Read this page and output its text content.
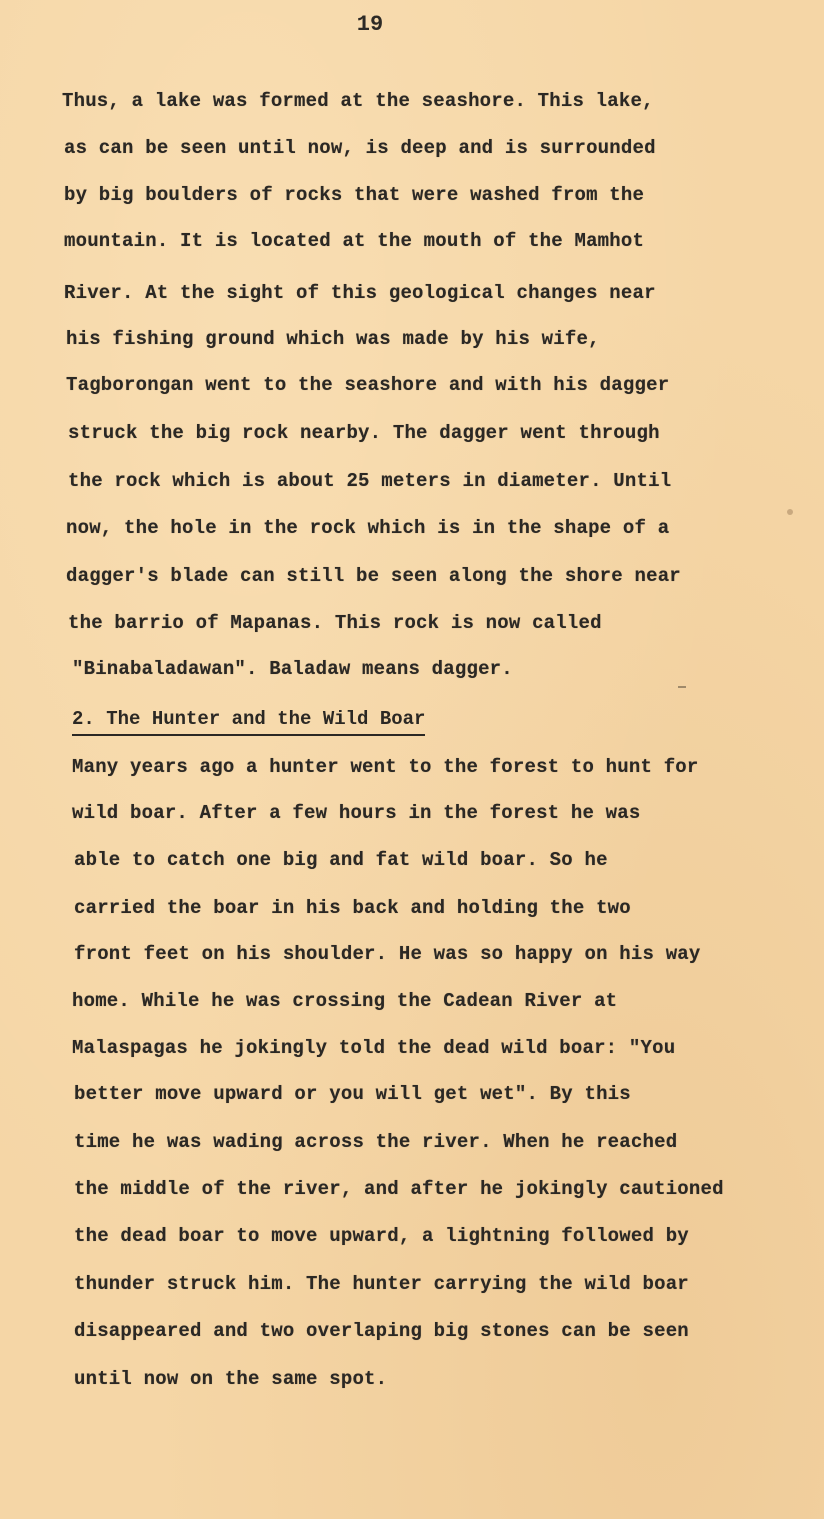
19
Thus, a lake was formed at the seashore. This lake,
as can be seen until now, is deep and is surrounded
by big boulders of rocks that were washed from the
mountain. It is located at the mouth of the Mamhot
River. At the sight of this geological changes near
his fishing ground which was made by his wife,
Tagborongan went to the seashore and with his dagger
struck the big rock nearby. The dagger went through
the rock which is about 25 meters in diameter. Until
now, the hole in the rock which is in the shape of a
dagger's blade can still be seen along the shore near
the barrio of Mapanas. This rock is now called
"Binabaladawan". Baladaw means dagger.
2. The Hunter and the Wild Boar
Many years ago a hunter went to the forest to hunt for
wild boar. After a few hours in the forest he was
able to catch one big and fat wild boar. So he
carried the boar in his back and holding the two
front feet on his shoulder. He was so happy on his way
home. While he was crossing the Cadean River at
Malaspagas he jokingly told the dead wild boar: "You
better move upward or you will get wet". By this
time he was wading across the river. When he reached
the middle of the river, and after he jokingly cautioned
the dead boar to move upward, a lightning followed by
thunder struck him. The hunter carrying the wild boar
disappeared and two overlaping big stones can be seen
until now on the same spot.
